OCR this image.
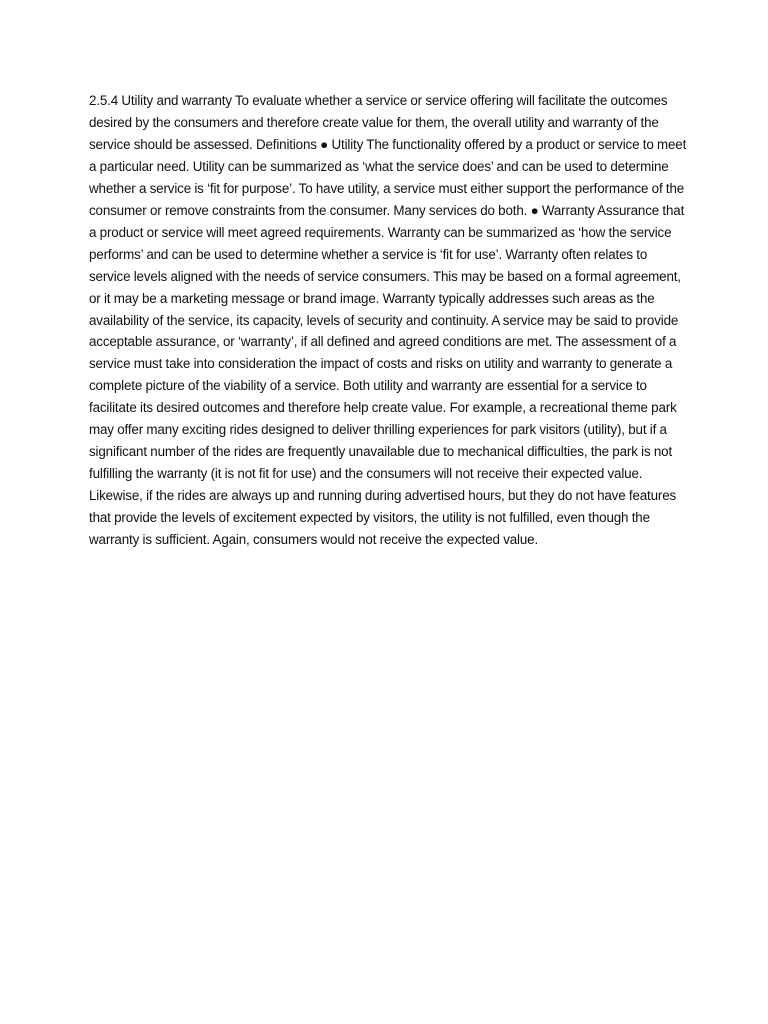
2.5.4 Utility and warranty To evaluate whether a service or service offering will facilitate the outcomes desired by the consumers and therefore create value for them, the overall utility and warranty of the service should be assessed. Definitions ● Utility The functionality offered by a product or service to meet a particular need. Utility can be summarized as ‘what the service does’ and can be used to determine whether a service is ‘fit for purpose’. To have utility, a service must either support the performance of the consumer or remove constraints from the consumer. Many services do both. ● Warranty Assurance that a product or service will meet agreed requirements. Warranty can be summarized as ‘how the service performs’ and can be used to determine whether a service is ‘fit for use’. Warranty often relates to service levels aligned with the needs of service consumers. This may be based on a formal agreement, or it may be a marketing message or brand image. Warranty typically addresses such areas as the availability of the service, its capacity, levels of security and continuity. A service may be said to provide acceptable assurance, or ‘warranty’, if all defined and agreed conditions are met. The assessment of a service must take into consideration the impact of costs and risks on utility and warranty to generate a complete picture of the viability of a service. Both utility and warranty are essential for a service to facilitate its desired outcomes and therefore help create value. For example, a recreational theme park may offer many exciting rides designed to deliver thrilling experiences for park visitors (utility), but if a significant number of the rides are frequently unavailable due to mechanical difficulties, the park is not fulfilling the warranty (it is not fit for use) and the consumers will not receive their expected value. Likewise, if the rides are always up and running during advertised hours, but they do not have features that provide the levels of excitement expected by visitors, the utility is not fulfilled, even though the warranty is sufficient. Again, consumers would not receive the expected value.
